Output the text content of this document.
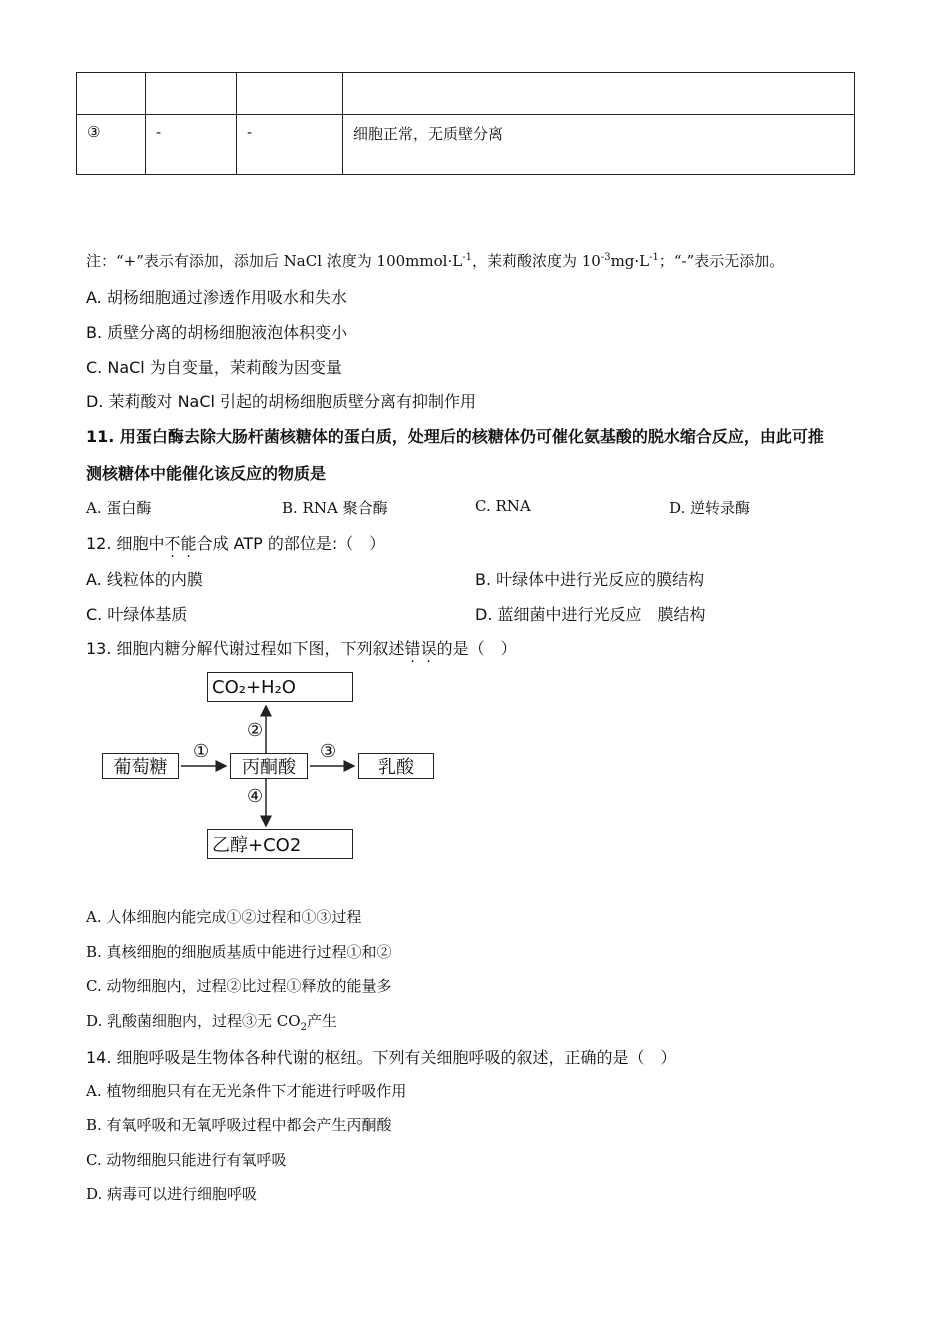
③	-	-	细胞正常，无质壁分离
注：“+”表示有添加，添加后 NaCl 浓度为 $100mmol\cdot L^{-1}$，茉莉酸浓度为 $10^{-3}mg\cdot L^{-1}$；“-”表示无添加。
A. 胡杨细胞通过渗透作用吸水和失水
B. 质壁分离的胡杨细胞液泡体积变小
C. NaCl 为自变量，茉莉酸为因变量
D. 茉莉酸对 NaCl 引起的胡杨细胞质壁分离有抑制作用
11. 用蛋白酶去除大肠杆菌核糖体的蛋白质，处理后的核糖体仍可催化氨基酸的脱水缩合反应，由此可推
测核糖体中能催化该反应的物质是
A. 蛋白酶	B. RNA 聚合酶	C. RNA	D. 逆转录酶
12. 细胞中不能合成 ATP 的部位是:（　）
A. 线粒体的内膜	B. 叶绿体中进行光反应的膜结构
C. 叶绿体基质	D. 蓝细菌中进行光反应　膜结构
13. 细胞内糖分解代谢过程如下图，下列叙述错误的是（　）
CO₂+H₂O
葡萄糖	丙酮酸	乳酸
乙醇+CO2
①
②
③
④
A. 人体细胞内能完成①②过程和①③过程
B. 真核细胞的细胞质基质中能进行过程①和②
C. 动物细胞内，过程②比过程①释放的能量多
D. 乳酸菌细胞内，过程③无 $CO_2$产生
14. 细胞呼吸是生物体各种代谢的枢纽。下列有关细胞呼吸的叙述，正确的是（　）
A. 植物细胞只有在无光条件下才能进行呼吸作用
B. 有氧呼吸和无氧呼吸过程中都会产生丙酮酸
C. 动物细胞只能进行有氧呼吸
D. 病毒可以进行细胞呼吸
